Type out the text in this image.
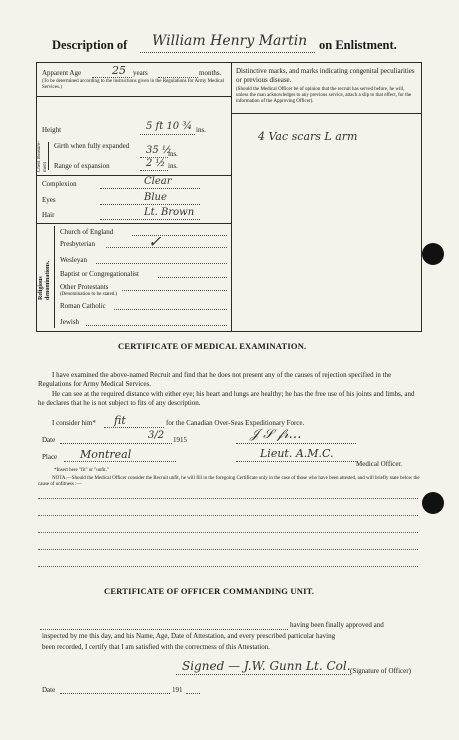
Description of William Henry Martin on Enlistment.
Apparent Age	25 years	months.
(To be determined according to the instructions given in the Regulations for Army Medical Services.)
Distinctive marks, and marks indicating congenital peculiarities or previous disease.
(Should the Medical Officer be of opinion that the recruit has served before, he will, unless the man acknowledges to any previous service, attach a slip to that effect, for the information of the Approving Officer).
4 Vac scars L arm
Height	5 ft 10 ¾ ins.
Chest measure-ment
Girth when fully expanded	35 ½
ins.
Range of expansion	2 ½ ins.
Complexion	Clear
Eyes	Blue
Hair	Lt. Brown
Religious denominations.
Church of England
Presbyterian	✓
Wesleyan
Baptist or Congregationalist
Other Protestants
(Denomination to be stated.)
Roman Catholic
Jewish
CERTIFICATE OF MEDICAL EXAMINATION.
I have examined the above-named Recruit and find that he does not present any of the causes of rejection specified in the Regulations for Army Medical Services.
He can see at the required distance with either eye; his heart and lungs are healthy; he has the free use of his joints and limbs, and he declares that he is not subject to fits of any description.
I consider him* fit	for the Canadian Over-Seas Expeditionary Force.
Date	3/2 1915	𝒥 𝒮 𝒻𝓇…
Place Montreal	Lieut. A.M.C.
Medical Officer.
*Insert here "fit" or "unfit."
NOTA.—Should the Medical Officer consider the Recruit unfit, he will fill in the foregoing Certificate only in the case of those who have been attested, and will briefly state below the cause of unfitness :—
CERTIFICATE OF OFFICER COMMANDING UNIT.
having been finally approved and
inspected by me this day, and his Name, Age, Date of Attestation, and every prescribed particular having
been recorded, I certify that I am satisfied with the correctness of this Attestation.
Signed — J.W. Gunn Lt. Col. (Signature of Officer)
Date	191
